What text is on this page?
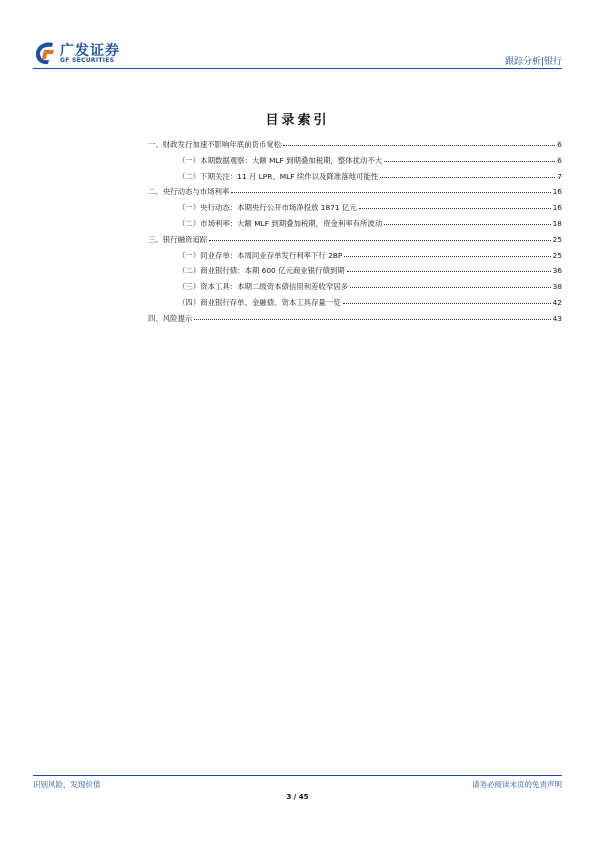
广发证券
GF SECURITIES	跟踪分析|银行
目录索引
一、财政发行加速不影响年底前货币宽松	6
（一）本期数据观察：大额 MLF 到期叠加税期，整体扰动不大	6
（二）下期关注：11 月 LPR、MLF 续作以及降准落地可能性	7
二、央行动态与市场利率	16
（一）央行动态：本期央行公开市场净投放 1871 亿元	16
（二）市场利率：大额 MLF 到期叠加税期，资金利率有所波动	18
三、银行融资追踪	25
（一）同业存单：本周同业存单发行利率下行 2BP	25
（二）商业银行债：本期 600 亿元商业银行债到期	36
（三）资本工具：本期二级资本债信用利差收窄居多	38
（四）商业银行存单、金融债、资本工具存量一览	42
四、风险提示	43
识别风险，发现价值	请务必阅读末页的免责声明
3 / 45
